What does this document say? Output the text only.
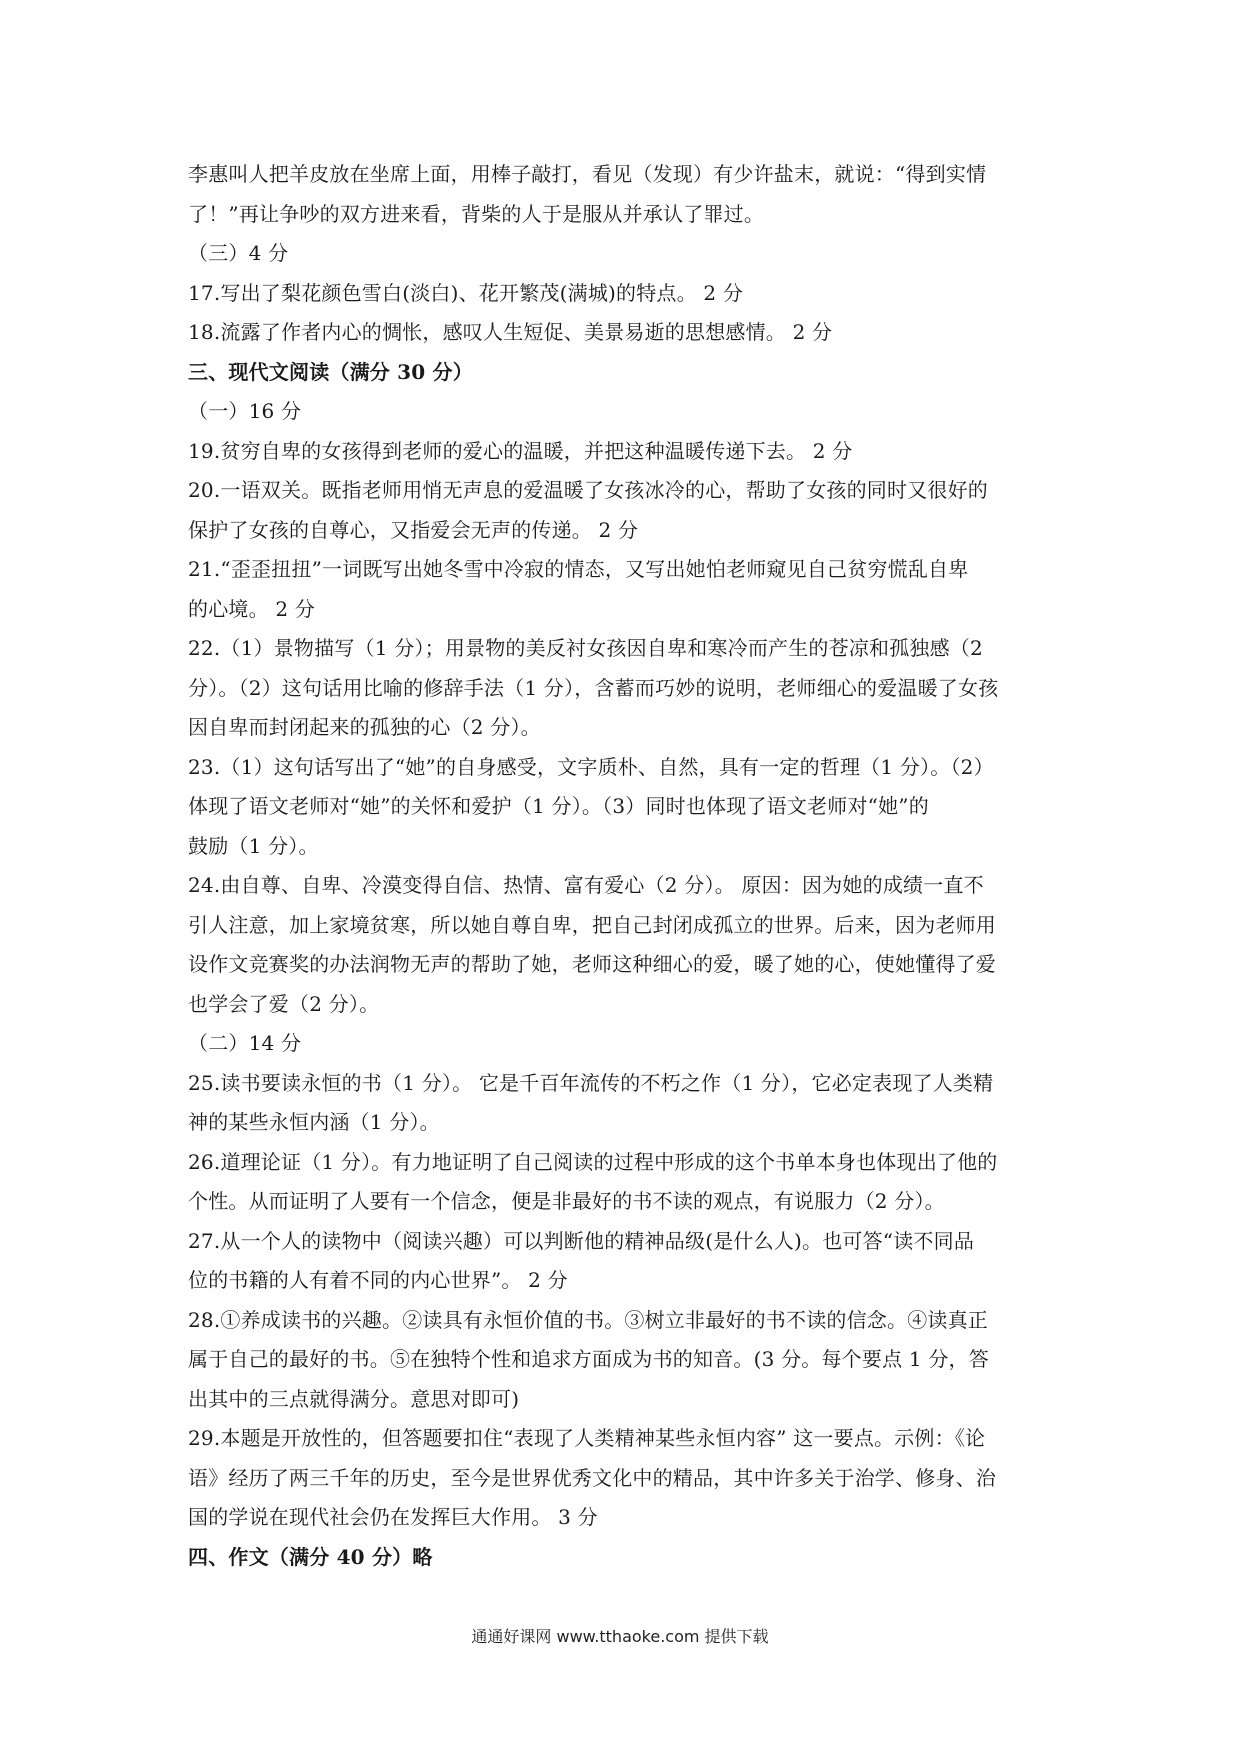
李惠叫人把羊皮放在坐席上面，用棒子敲打，看见（发现）有少许盐末，就说：“得到实情
了！”再让争吵的双方进来看，背柴的人于是服从并承认了罪过。
（三）4 分
17.写出了梨花颜色雪白(淡白)、花开繁茂(满城)的特点。 2 分
18.流露了作者内心的惆怅，感叹人生短促、美景易逝的思想感情。 2 分
三、现代文阅读（满分 30 分）
（一）16 分
19.贫穷自卑的女孩得到老师的爱心的温暖，并把这种温暖传递下去。 2 分
20.一语双关。既指老师用悄无声息的爱温暖了女孩冰冷的心，帮助了女孩的同时又很好的
保护了女孩的自尊心，又指爱会无声的传递。 2 分
21.“歪歪扭扭”一词既写出她冬雪中冷寂的情态，又写出她怕老师窥见自己贫穷慌乱自卑
的心境。 2 分
22.（1）景物描写（1 分）；用景物的美反衬女孩因自卑和寒冷而产生的苍凉和孤独感（2
分）。（2）这句话用比喻的修辞手法（1 分），含蓄而巧妙的说明，老师细心的爱温暖了女孩
因自卑而封闭起来的孤独的心（2 分）。
23.（1）这句话写出了“她”的自身感受，文字质朴、自然，具有一定的哲理（1 分）。（2）
体现了语文老师对“她”的关怀和爱护（1 分）。（3）同时也体现了语文老师对“她”的
鼓励（1 分）。
24.由自尊、自卑、冷漠变得自信、热情、富有爱心（2 分）。 原因：因为她的成绩一直不
引人注意，加上家境贫寒，所以她自尊自卑，把自己封闭成孤立的世界。后来，因为老师用
设作文竞赛奖的办法润物无声的帮助了她，老师这种细心的爱，暖了她的心，使她懂得了爱
也学会了爱（2 分）。
（二）14 分
25.读书要读永恒的书（1 分）。 它是千百年流传的不朽之作（1 分），它必定表现了人类精
神的某些永恒内涵（1 分）。
26.道理论证（1 分）。有力地证明了自己阅读的过程中形成的这个书单本身也体现出了他的
个性。从而证明了人要有一个信念，便是非最好的书不读的观点，有说服力（2 分）。
27.从一个人的读物中（阅读兴趣）可以判断他的精神品级(是什么人)。也可答“读不同品
位的书籍的人有着不同的内心世界”。 2 分
28.①养成读书的兴趣。②读具有永恒价值的书。③树立非最好的书不读的信念。④读真正
属于自己的最好的书。⑤在独特个性和追求方面成为书的知音。(3 分。每个要点 1 分，答
出其中的三点就得满分。意思对即可)
29.本题是开放性的，但答题要扣住“表现了人类精神某些永恒内容” 这一要点。示例：《论
语》经历了两三千年的历史，至今是世界优秀文化中的精品，其中许多关于治学、修身、治
国的学说在现代社会仍在发挥巨大作用。 3 分
四、作文（满分 40 分）略
通通好课网 www.tthaoke.com 提供下载
